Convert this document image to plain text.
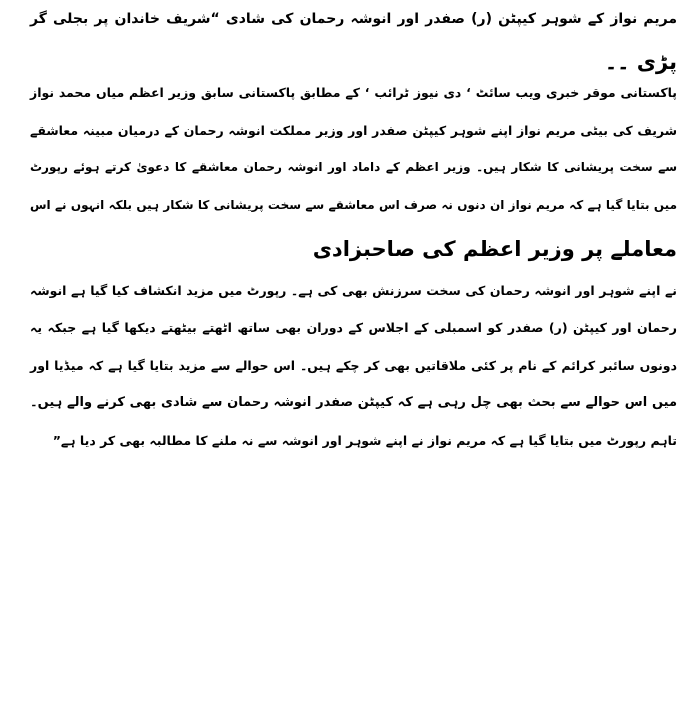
مریم نواز کے شوہر کیپٹن (ر) صفدر اور انوشہ رحمان کی شادی “شریف خاندان پر بجلی گر
پڑی ۔۔
پاکستانی موقر خبری ویب سائٹ ‘ دی نیوز ٹرائب ‘ کے مطابق پاکستانی سابق وزیر اعظم میاں محمد نواز
شریف کی بیٹی مریم نواز اپنے شوہر کیپٹن صفدر اور وزیر مملکت انوشہ رحمان کے درمیان مبینہ معاشقے
سے سخت پریشانی کا شکار ہیں۔ وزیر اعظم کے داماد اور انوشہ رحمان معاشقے کا دعویٰ کرتے ہوئے رپورٹ
میں بتایا گیا ہے کہ مریم نواز ان دنوں نہ صرف اس معاشقے سے سخت پریشانی کا شکار ہیں بلکہ انہوں نے اس
معاملے پر وزیر اعظم کی صاحبزادی
نے اپنے شوہر اور انوشہ رحمان کی سخت سرزنش بھی کی ہے۔ رپورٹ میں مزید انکشاف کیا گیا ہے انوشہ
رحمان اور کیپٹن (ر) صفدر کو اسمبلی کے اجلاس کے دوران بھی ساتھ اٹھتے بیٹھتے دیکھا گیا ہے جبکہ یہ
دونوں سائبر کرائم کے نام پر کئی ملاقاتیں بھی کر چکے ہیں۔ اس حوالے سے مزید بتایا گیا ہے کہ میڈیا اور
میں اس حوالے سے بحث بھی چل رہی ہے کہ کیپٹن صفدر انوشہ رحمان سے شادی بھی کرنے والے ہیں۔
تاہم رپورٹ میں بتایا گیا ہے کہ مریم نواز نے اپنے شوہر اور انوشہ سے نہ ملنے کا مطالبہ بھی کر دیا ہے”
